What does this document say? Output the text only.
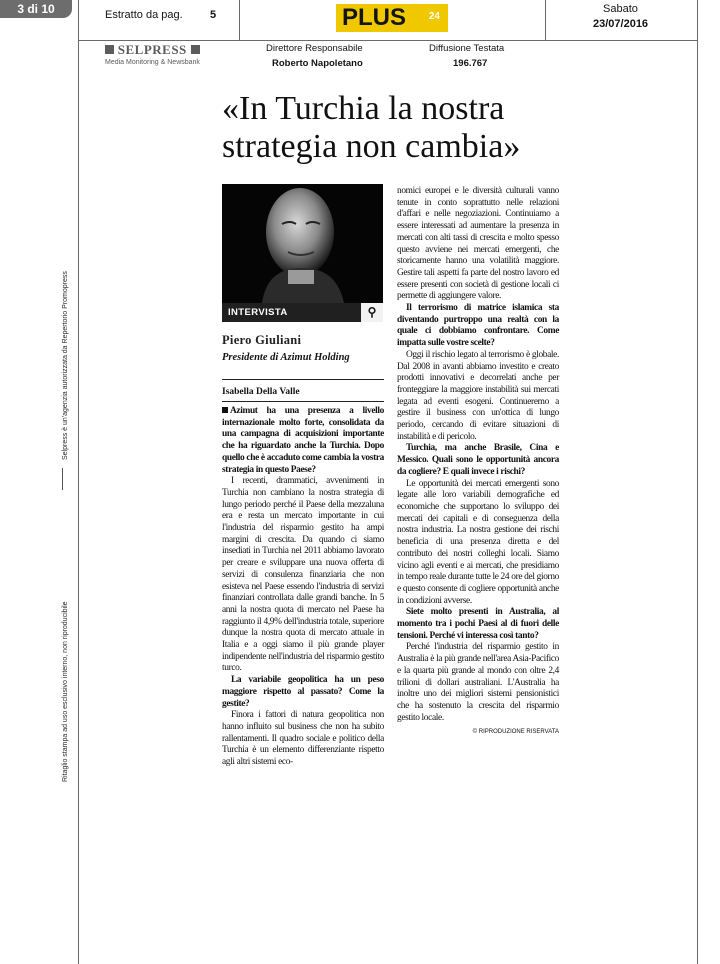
3 di 10	Estratto da pag. 5	PLUS 24
Sabato
23/07/2016
SELPRESS
Media Monitoring & Newsbank
Direttore Responsabile
Roberto Napoletano
Diffusione Testata
196.767
Selpress è un'agenzia autorizzata da Repertorio Promopress
Ritaglio stampa ad uso esclusivo interno, non riproducibile
«In Turchia la nostra
strategia non cambia»
INTERVISTA	⚲
Piero Giuliani
Presidente di Azimut Holding
Isabella Della Valle

Azimut ha una presenza a livello internazionale molto forte, consolidata da una campagna di acquisizioni importante che ha riguardato anche la Turchia. Dopo quello che è accaduto come cambia la vostra strategia in questo Paese?

I recenti, drammatici, avvenimenti in Turchia non cambiano la nostra strategia di lungo periodo perché il Paese della mezzaluna era e resta un mercato importante in cui l'industria del risparmio gestito ha ampi margini di crescita. Da quando ci siamo insediati in Turchia nel 2011 abbiamo lavorato per creare e sviluppare una nuova offerta di servizi di consulenza finanziaria che non esisteva nel Paese essendo l'industria di servizi finanziari controllata dalle grandi banche. In 5 anni la nostra quota di mercato nel Paese ha raggiunto il 4,9% dell'industria totale, superiore dunque la nostra quota di mercato attuale in Italia e a oggi siamo il più grande player indipendente nell'industria del risparmio gestito turco.

La variabile geopolitica ha un peso maggiore rispetto al passato? Come la gestite?

Finora i fattori di natura geopolitica non hanno influito sul business che non ha subito rallentamenti. Il quadro sociale e politico della Turchia è un elemento differenziante rispetto agli altri sistemi eco-

nomici europei e le diversità culturali vanno tenute in conto soprattutto nelle relazioni d'affari e nelle negoziazioni. Continuiamo a essere interessati ad aumentare la presenza in mercati con alti tassi di crescita e molto spesso questo avviene nei mercati emergenti, che storicamente hanno una volatilità maggiore. Gestire tali aspetti fa parte del nostro lavoro ed essere presenti con società di gestione locali ci permette di aggiungere valore.

Il terrorismo di matrice islamica sta diventando purtroppo una realtà con la quale ci dobbiamo confrontare. Come impatta sulle vostre scelte?

Oggi il rischio legato al terrorismo è globale. Dal 2008 in avanti abbiamo investito e creato prodotti innovativi e decorrelati anche per fronteggiare la maggiore instabilità sui mercati legata ad eventi esogeni. Continueremo a gestire il business con un'ottica di lungo periodo, cercando di evitare situazioni di instabilità e di pericolo.

Turchia, ma anche Brasile, Cina e Messico. Quali sono le opportunità ancora da cogliere? E quali invece i rischi?

Le opportunità dei mercati emergenti sono legate alle loro variabili demografiche ed economiche che supportano lo sviluppo dei mercati dei capitali e di conseguenza della nostra industria. La nostra gestione dei rischi beneficia di una presenza diretta e del contributo dei nostri colleghi locali. Siamo vicino agli eventi e ai mercati, che presidiamo in tempo reale durante tutte le 24 ore del giorno e questo consente di cogliere opportunità anche in condizioni avverse.

Siete molto presenti in Australia, al momento tra i pochi Paesi al di fuori delle tensioni. Perché vi interessa così tanto?

Perché l'industria del risparmio gestito in Australia è la più grande nell'area Asia-Pacifico e la quarta più grande al mondo con oltre 2,4 trilioni di dollari australiani. L'Australia ha inoltre uno dei migliori sistemi pensionistici che ha sostenuto la crescita del risparmio gestito locale.

© RIPRODUZIONE RISERVATA
